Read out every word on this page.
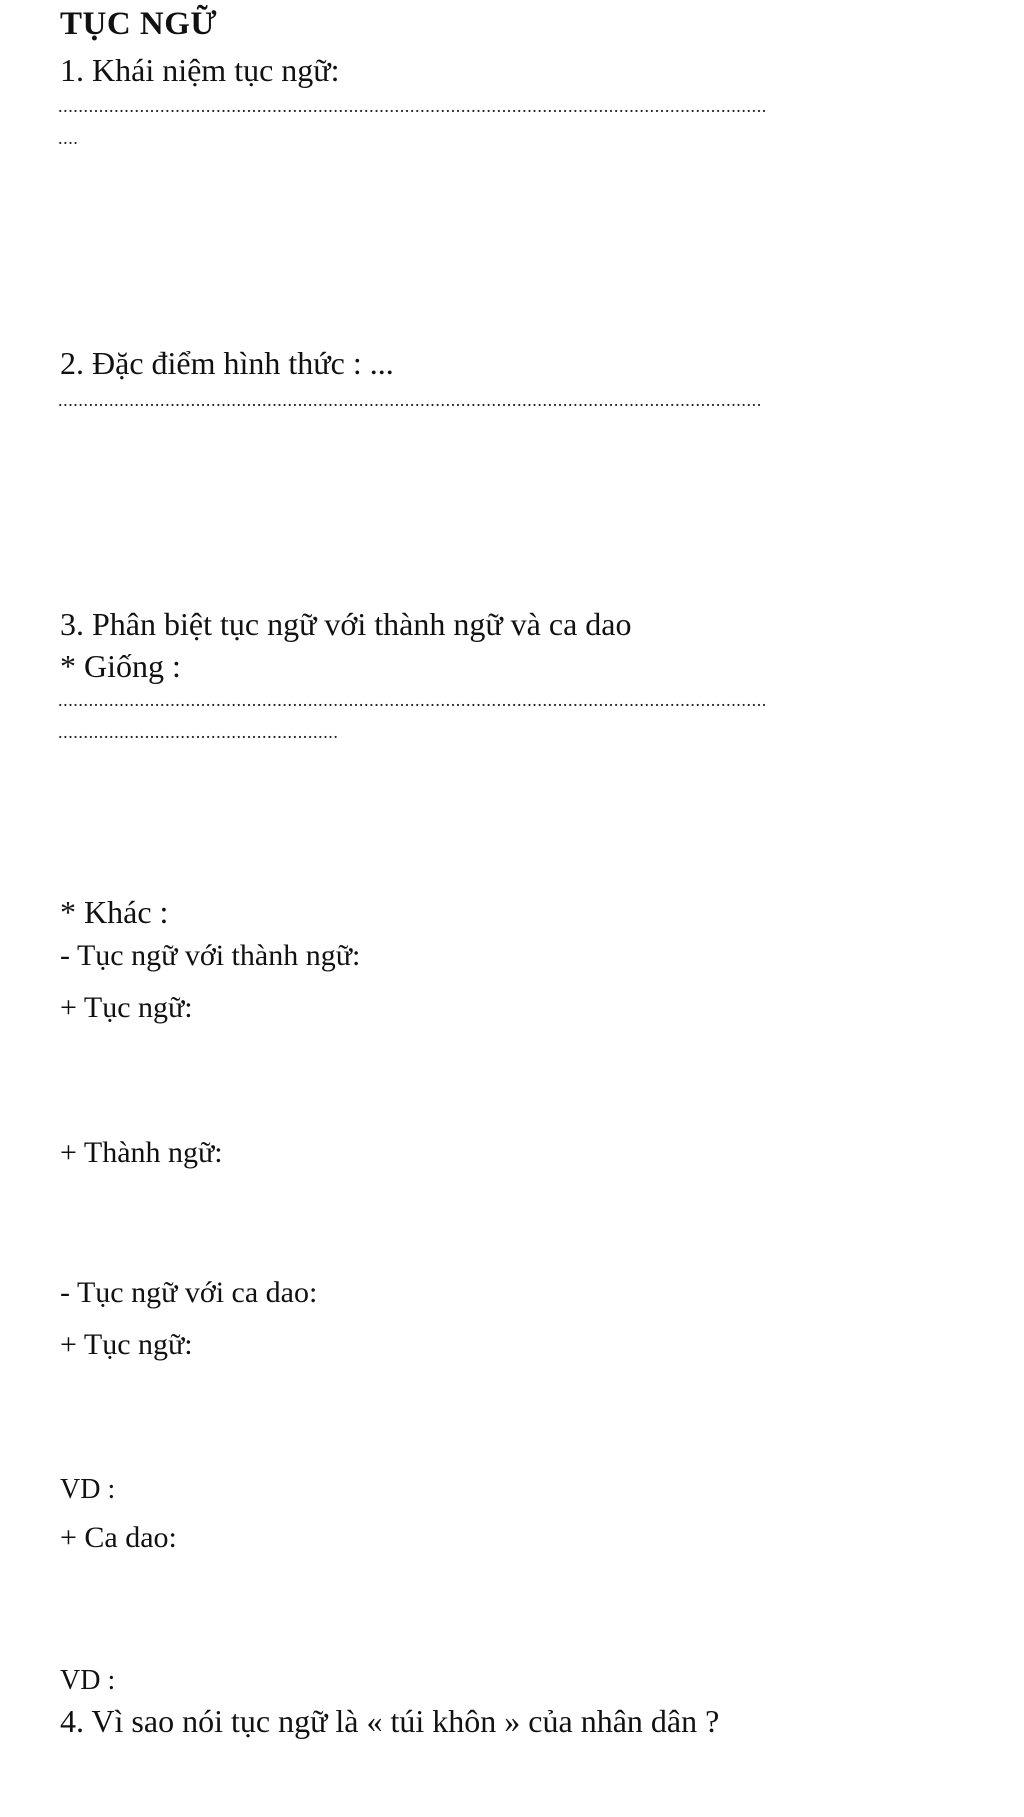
TỤC NGỮ
1. Khái niệm tục ngữ:
...........................................................................................................................................
....
2. Đặc điểm hình thức : ...
..........................................................................................................................................
3. Phân biệt tục ngữ với thành ngữ và ca dao
* Giống :
...........................................................................................................................................
.......................................................
* Khác :
- Tục ngữ với thành ngữ:
+ Tục ngữ:
+ Thành ngữ:
- Tục ngữ với ca dao:
+ Tục ngữ:
VD :
+ Ca dao:
VD :
4. Vì sao nói tục ngữ là « túi khôn » của nhân dân ?
